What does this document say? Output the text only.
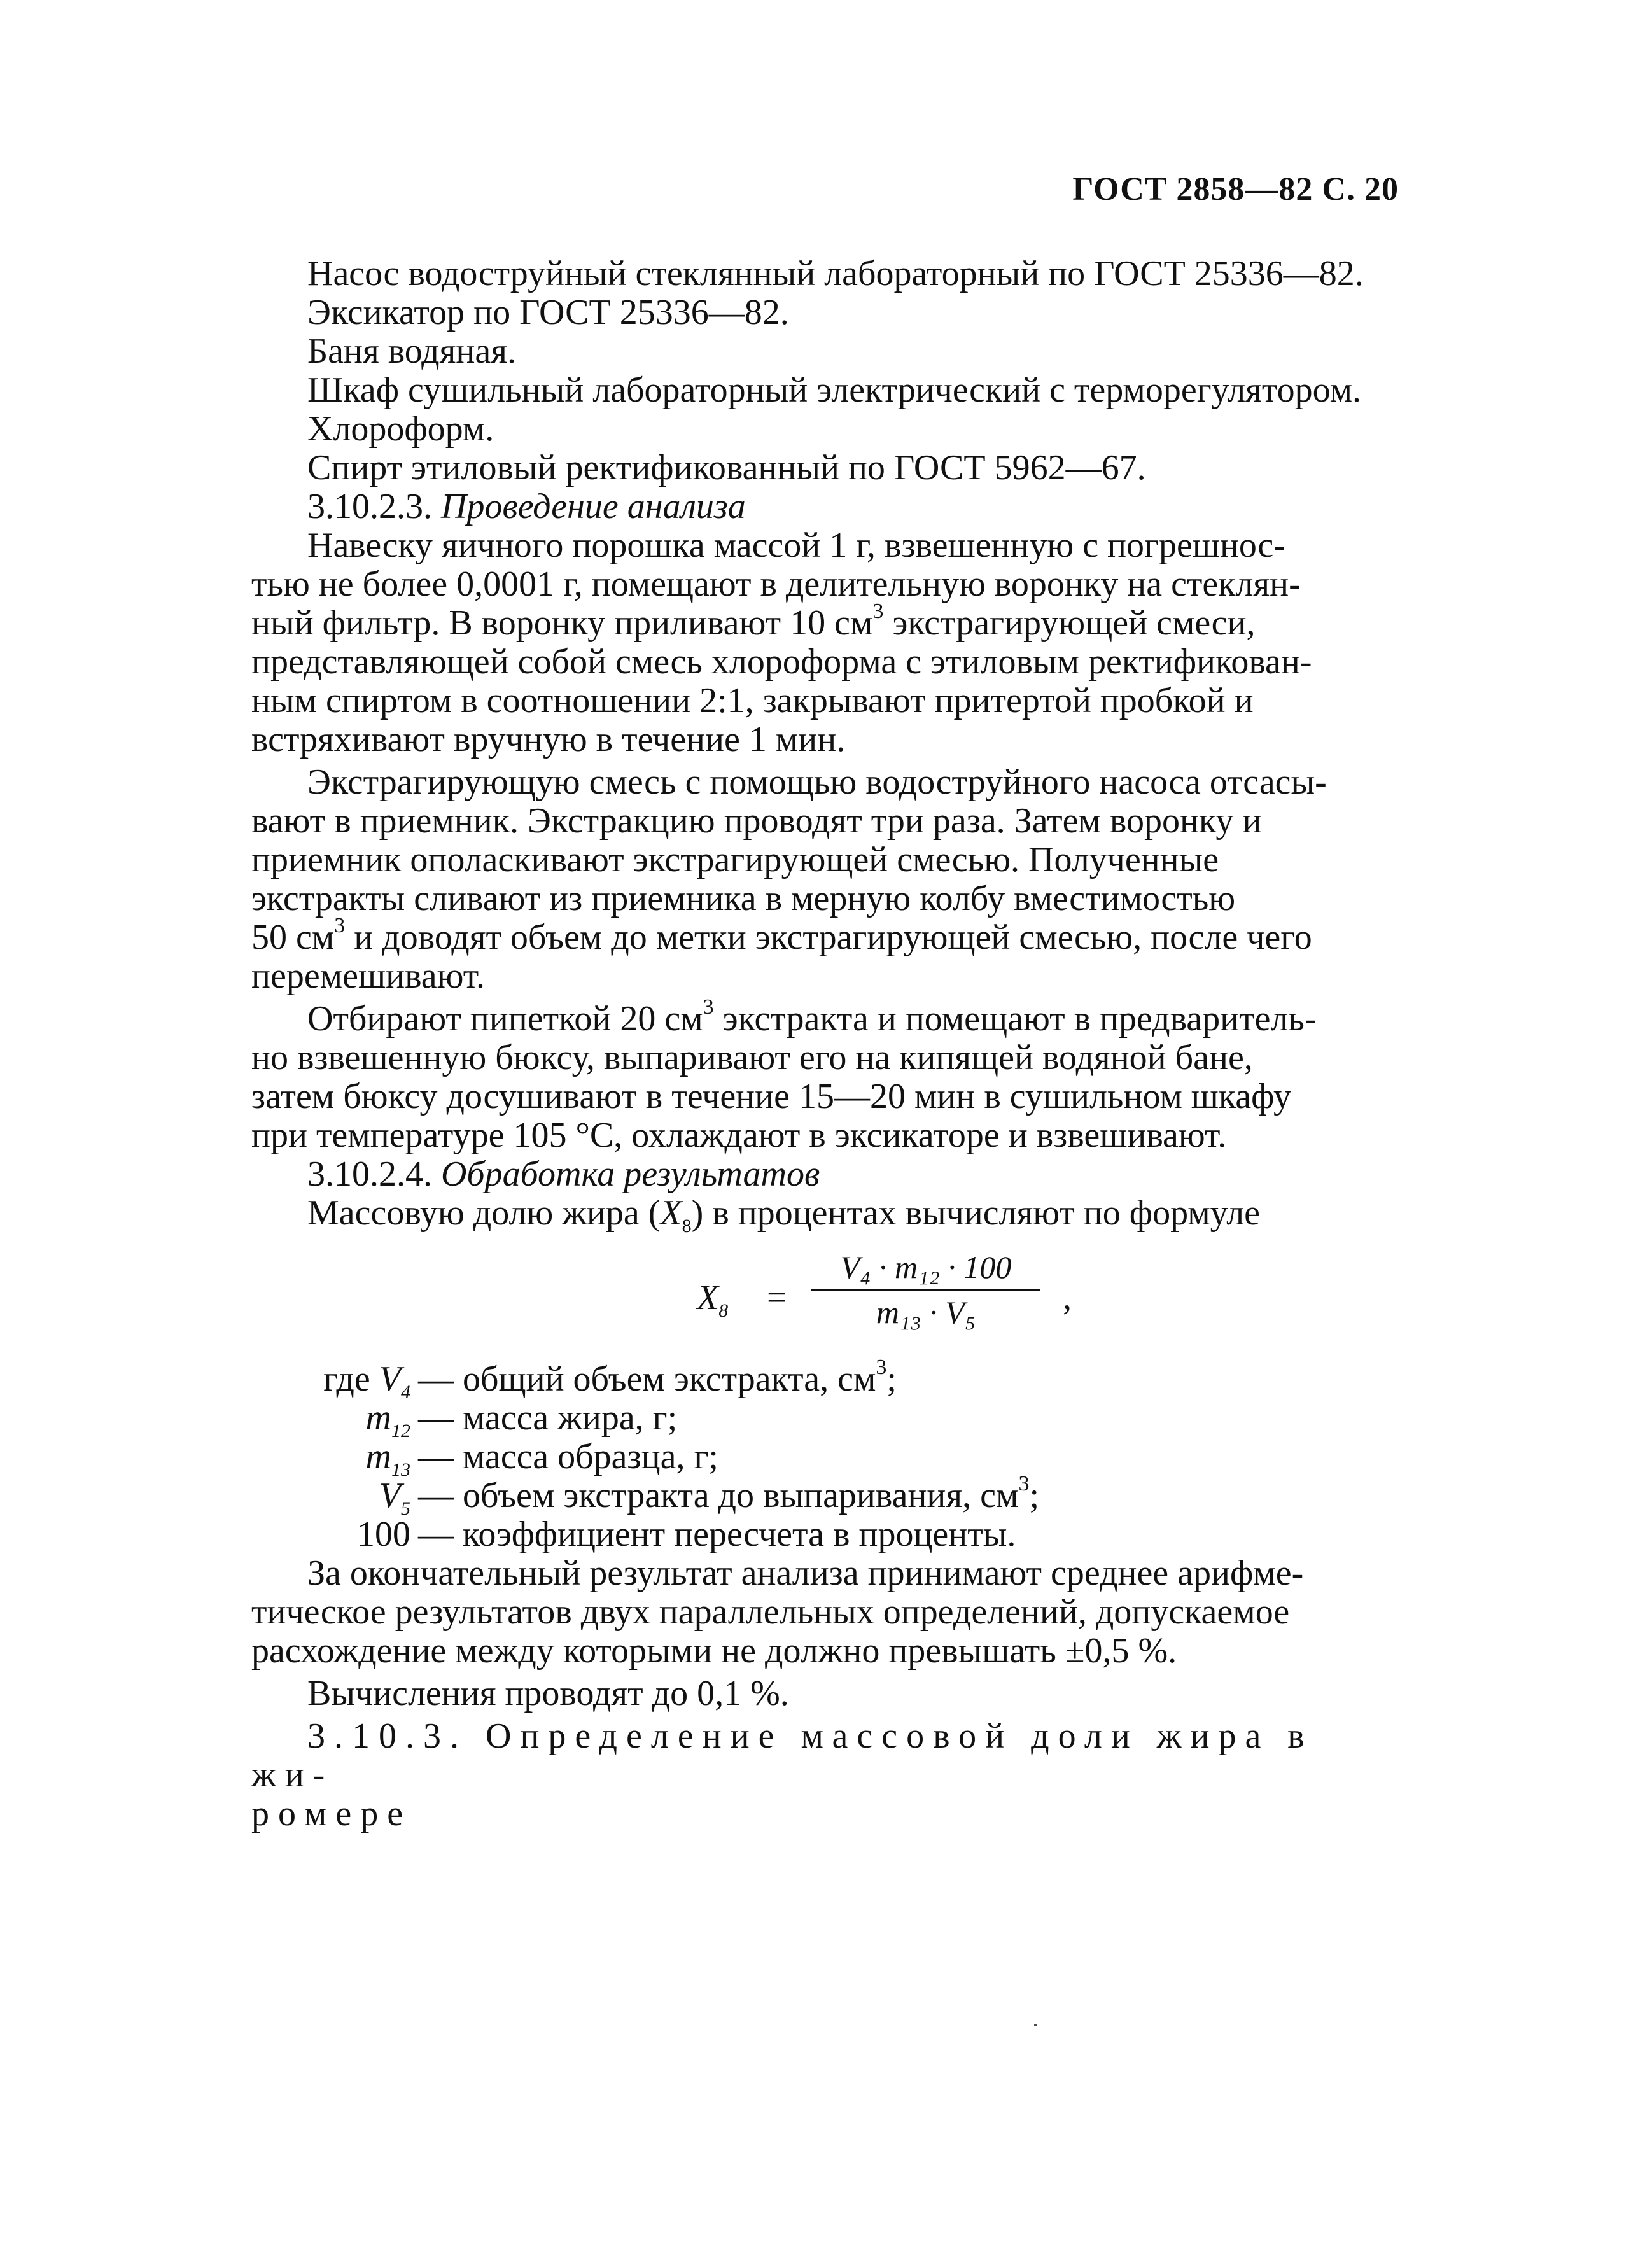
ГОСТ 2858—82 С. 20

Насос водоструйный стеклянный лабораторный по ГОСТ 25336—82.

Эксикатор по ГОСТ 25336—82.

Баня водяная.

Шкаф сушильный лабораторный электрический с терморегулятором.

Хлороформ.

Спирт этиловый ректификованный по ГОСТ 5962—67.

3.10.2.3. Проведение анализа

Навеску яичного порошка массой 1 г, взвешенную с погрешнос-

тью не более 0,0001 г, помещают в делительную воронку на стеклян-

ный фильтр. В воронку приливают 10 $см^3$ экстрагирующей смеси,

представляющей собой смесь хлороформа с этиловым ректификован-

ным спиртом в соотношении 2:1, закрывают притертой пробкой и

встряхивают вручную в течение 1 мин.

Экстрагирующую смесь с помощью водоструйного насоса отсасы-

вают в приемник. Экстракцию проводят три раза. Затем воронку и

приемник ополаскивают экстрагирующей смесью. Полученные

экстракты сливают из приемника в мерную колбу вместимостью

50 $см^3$ и доводят объем до метки экстрагирующей смесью, после чего

перемешивают.

Отбирают пипеткой 20 $см^3$ экстракта и помещают в предваритель-

но взвешенную бюксу, выпаривают его на кипящей водяной бане,

затем бюксу досушивают в течение 15—20 мин в сушильном шкафу

при температуре 105 °С, охлаждают в эксикаторе и взвешивают.

3.10.2.4. Обработка результатов

Массовую долю жира $(X_8)$ в процентах вычисляют по формуле

$X_8$ =
V₄ · m₁₂ · 100
m₁₃ · V₅	,
где $V_4$ — общий объем экстракта, $см^3$;
$m_{12}$ — масса жира, г;
$m_{13}$ — масса образца, г;
$V_5$ — объем экстракта до выпаривания, $см^3$;
100 — коэффициент пересчета в проценты.

За окончательный результат анализа принимают среднее арифме-

тическое результатов двух параллельных определений, допускаемое

расхождение между которыми не должно превышать ±0,5 %.

Вычисления проводят до 0,1 %.

3.10.3. Определение массовой доли жира в жи-

ромере
